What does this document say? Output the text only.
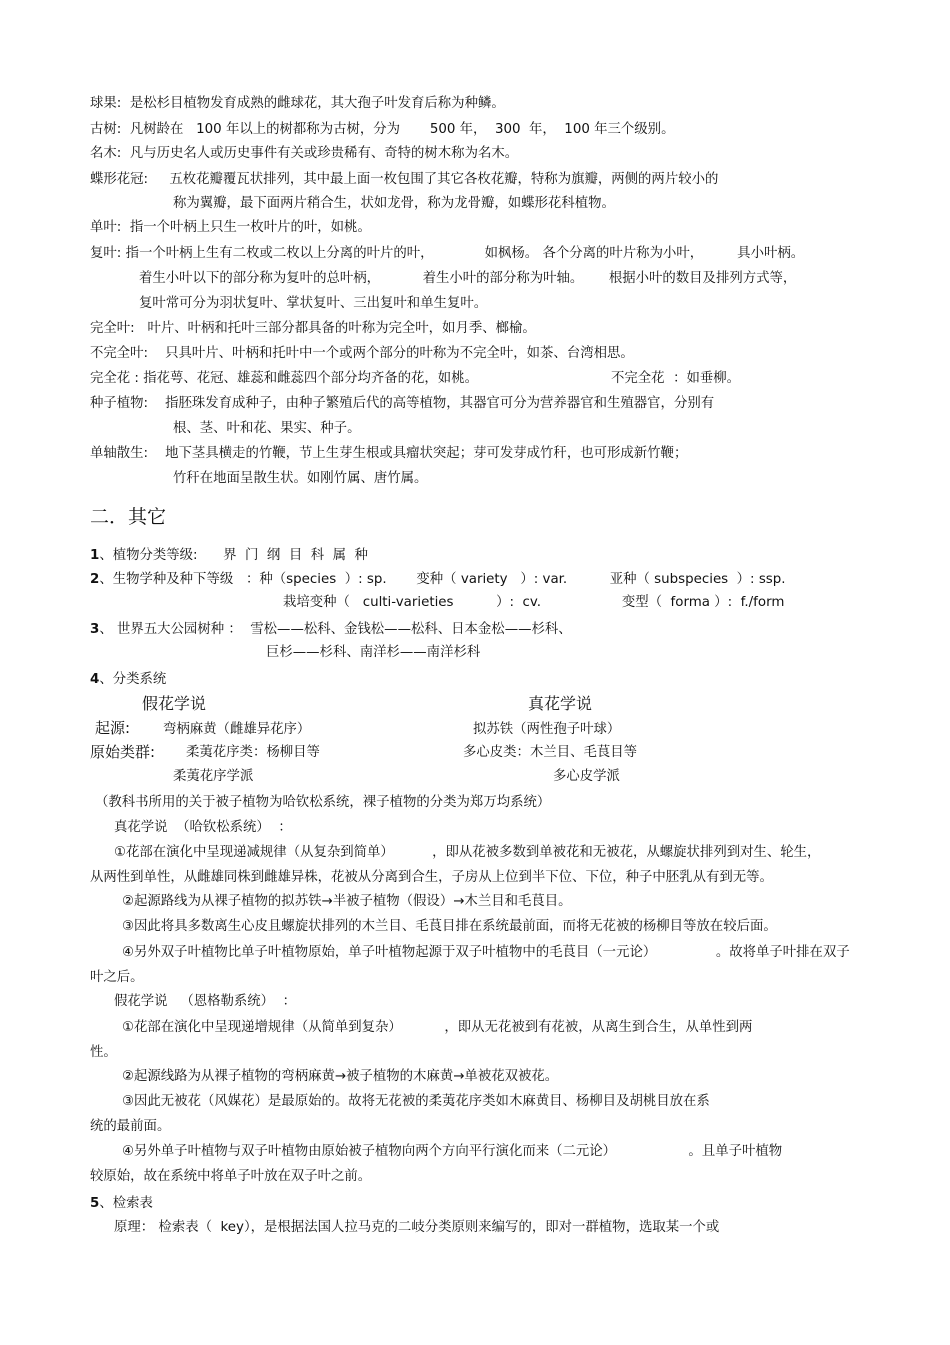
球果: 是松杉目植物发育成熟的雌球花，其大孢子叶发育后称为种鳞。
古树: 凡树龄在   100 年以上的树都称为古树，分为       500 年，  300  年，  100 年三个级别。
名木: 凡与历史名人或历史事件有关或珍贵稀有、奇特的树木称为名木。
蝶形花冠: 五枚花瓣覆瓦状排列，其中最上面一枚包围了其它各枚花瓣，特称为旗瓣，两侧的两片较小的
称为翼瓣，最下面两片稍合生，状如龙骨，称为龙骨瓣，如蝶形花科植物。
单叶: 指一个叶柄上只生一枚叶片的叶，如桃。
复叶: 指一个叶柄上生有二枚或二枚以上分离的叶片的叶，            如枫杨。 各个分离的叶片称为小叶，        具小叶柄。
着生小叶以下的部分称为复叶的总叶柄，          着生小叶的部分称为叶轴。      根据小叶的数目及排列方式等，
复叶常可分为羽状复叶、掌状复叶、三出复叶和单生复叶。
完全叶: 叶片、叶柄和托叶三部分都具备的叶称为完全叶，如月季、榔榆。
不完全叶: 只具叶片、叶柄和托叶中一个或两个部分的叶称为不完全叶，如茶、台湾相思。
完全花 : 指花萼、花冠、雄蕊和雌蕊四个部分均齐备的花，如桃。	不完全花  ：如垂柳。
种子植物: 指胚珠发育成种子，由种子繁殖后代的高等植物，其器官可分为营养器官和生殖器官，分别有
根、茎、叶和花、果实、种子。
单轴散生: 地下茎具横走的竹鞭，节上生芽生根或具瘤状突起；芽可发芽成竹秆，也可形成新竹鞭；
竹秆在地面呈散生状。如刚竹属、唐竹属。
二．其它
1、植物分类等级: 界  门  纲  目  科  属  种
2、生物学种及种下等级 ：种（species  ）: sp.       变种（ variety   ）: var.          亚种（ subspecies  ）: ssp.
栽培变种（   culti-varieties          ）:  cv.                   变型（  forma ）:  f./form
3、 世界五大公园树种 ：  雪松——松科、金钱松——松科、日本金松——杉科、
巨杉——杉科、南洋杉——南洋杉科
4、分类系统
假花学说	真花学说
起源: 弯柄麻黄（雌雄异花序）	拟苏铁（两性孢子叶球）
原始类群: 柔荑花序类：杨柳目等	多心皮类：木兰目、毛茛目等
柔荑花序学派	多心皮学派
（教科书所用的关于被子植物为哈钦松系统，裸子植物的分类为郑万均系统）
真花学说  （哈钦松系统）  ：
①花部在演化中呈现递减规律（从复杂到简单）         ，即从花被多数到单被花和无被花，从螺旋状排列到对生、轮生，
从两性到单性，从雌雄同株到雌雄异株，花被从分离到合生，子房从上位到半下位、下位，种子中胚乳从有到无等。
②起源路线为从裸子植物的拟苏铁→半被子植物（假设）→木兰目和毛茛目。
③因此将具多数离生心皮且螺旋状排列的木兰目、毛茛目排在系统最前面，而将无花被的杨柳目等放在较后面。
④另外双子叶植物比单子叶植物原始，单子叶植物起源于双子叶植物中的毛茛目（一元论）              。故将单子叶排在双子
叶之后。
假花学说   （恩格勒系统）  ：
①花部在演化中呈现递增规律（从简单到复杂）          ，即从无花被到有花被，从离生到合生，从单性到两
性。
②起源线路为从裸子植物的弯柄麻黄→被子植物的木麻黄→单被花双被花。
③因此无被花（风媒花）是最原始的。故将无花被的柔荑花序类如木麻黄目、杨柳目及胡桃目放在系
统的最前面。
④另外单子叶植物与双子叶植物由原始被子植物向两个方向平行演化而来（二元论）                 。且单子叶植物
较原始，故在系统中将单子叶放在双子叶之前。
5、检索表
原理： 检索表（  key），是根据法国人拉马克的二岐分类原则来编写的，即对一群植物，选取某一个或
